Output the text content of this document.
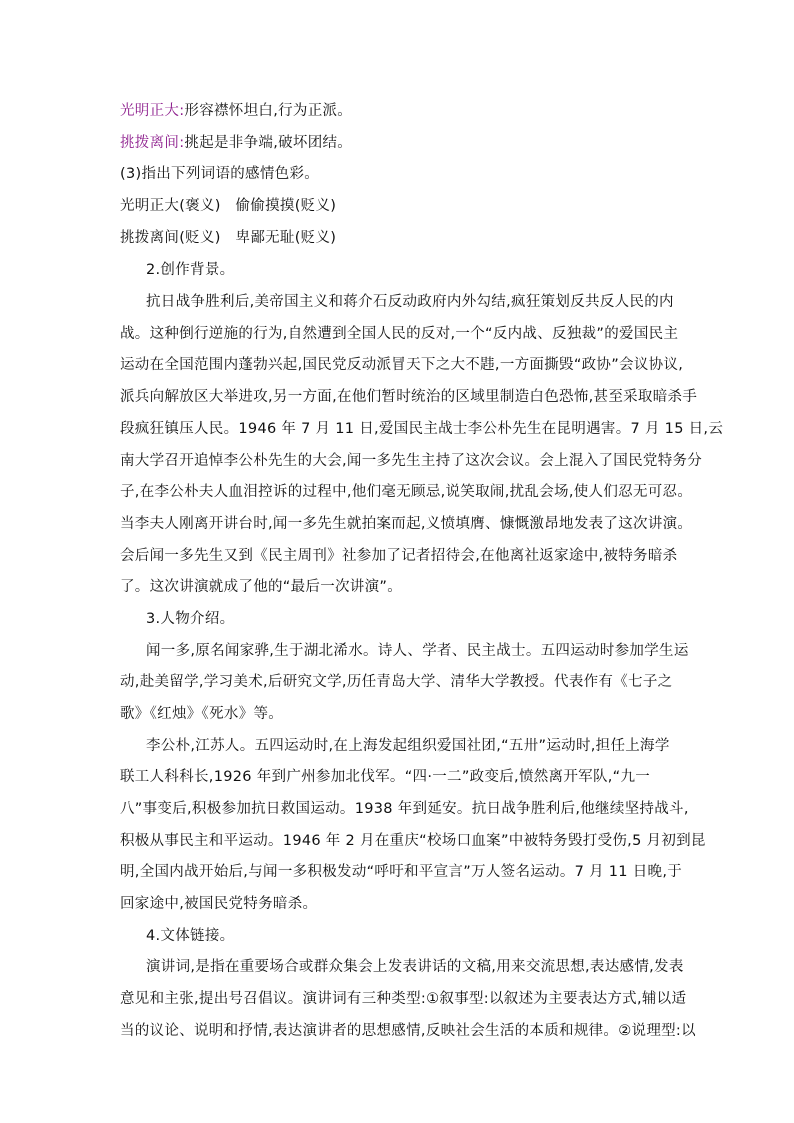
光明正大:形容襟怀坦白,行为正派。
挑拨离间:挑起是非争端,破坏团结。
(3)指出下列词语的感情色彩。
光明正大(褒义)　偷偷摸摸(贬义)
挑拨离间(贬义)　卑鄙无耻(贬义)
2.创作背景。
抗日战争胜利后,美帝国主义和蒋介石反动政府内外勾结,疯狂策划反共反人民的内
战。这种倒行逆施的行为,自然遭到全国人民的反对,一个“反内战、反独裁”的爱国民主
运动在全国范围内蓬勃兴起,国民党反动派冒天下之大不韪,一方面撕毁“政协”会议协议,
派兵向解放区大举进攻,另一方面,在他们暂时统治的区域里制造白色恐怖,甚至采取暗杀手
段疯狂镇压人民。1946 年 7 月 11 日,爱国民主战士李公朴先生在昆明遇害。7 月 15 日,云
南大学召开追悼李公朴先生的大会,闻一多先生主持了这次会议。会上混入了国民党特务分
子,在李公朴夫人血泪控诉的过程中,他们毫无顾忌,说笑取闹,扰乱会场,使人们忍无可忍。
当李夫人刚离开讲台时,闻一多先生就拍案而起,义愤填膺、慷慨激昂地发表了这次讲演。
会后闻一多先生又到《民主周刊》社参加了记者招待会,在他离社返家途中,被特务暗杀
了。这次讲演就成了他的“最后一次讲演”。
3.人物介绍。
闻一多,原名闻家骅,生于湖北浠水。诗人、学者、民主战士。五四运动时参加学生运
动,赴美留学,学习美术,后研究文学,历任青岛大学、清华大学教授。代表作有《七子之
歌》《红烛》《死水》等。
李公朴,江苏人。五四运动时,在上海发起组织爱国社团,“五卅”运动时,担任上海学
联工人科科长,1926 年到广州参加北伐军。“四·一二”政变后,愤然离开军队,“九一
八”事变后,积极参加抗日救国运动。1938 年到延安。抗日战争胜利后,他继续坚持战斗,
积极从事民主和平运动。1946 年 2 月在重庆“校场口血案”中被特务毁打受伤,5 月初到昆
明,全国内战开始后,与闻一多积极发动“呼吁和平宣言”万人签名运动。7 月 11 日晚,于
回家途中,被国民党特务暗杀。
4.文体链接。
演讲词,是指在重要场合或群众集会上发表讲话的文稿,用来交流思想,表达感情,发表
意见和主张,提出号召倡议。演讲词有三种类型:①叙事型:以叙述为主要表达方式,辅以适
当的议论、说明和抒情,表达演讲者的思想感情,反映社会生活的本质和规律。②说理型:以
